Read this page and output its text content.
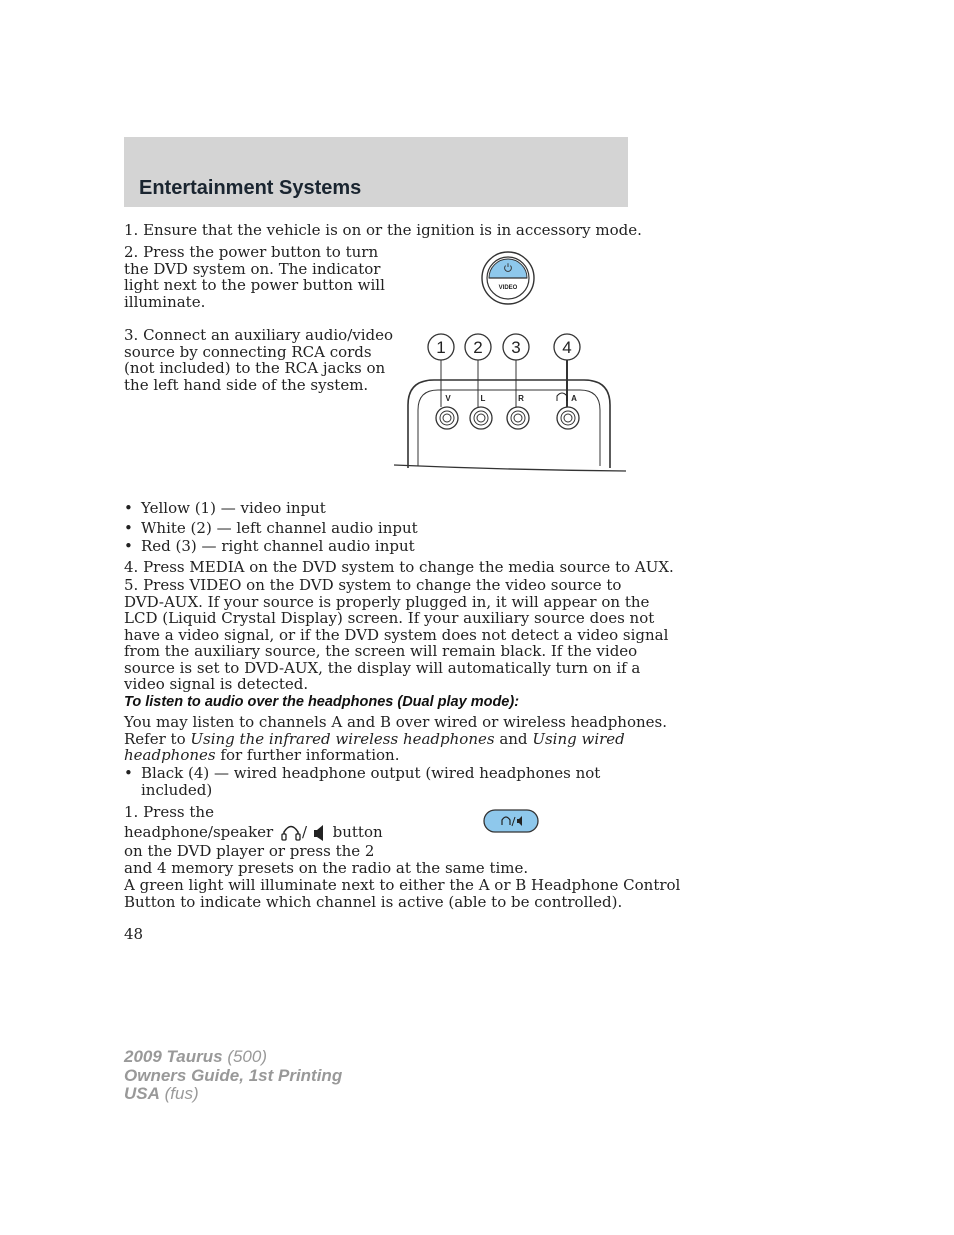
Entertainment Systems

1. Ensure that the vehicle is on or the ignition is in accessory mode.

2. Press the power button to turn

the DVD system on. The indicator

light next to the power button will

illuminate.

VIDEO

3. Connect an auxiliary audio/video

source by connecting RCA cords

(not included) to the RCA jacks on

the left hand side of the system.

1 2 3 4
V	L	R	A
• Yellow (1) — video input
• White (2) — left channel audio input
• Red (3) — right channel audio input

4. Press MEDIA on the DVD system to change the media source to AUX.

5. Press VIDEO on the DVD system to change the video source to

DVD-AUX. If your source is properly plugged in, it will appear on the

LCD (Liquid Crystal Display) screen. If your auxiliary source does not

have a video signal, or if the DVD system does not detect a video signal

from the auxiliary source, the screen will remain black. If the video

source is set to DVD-AUX, the display will automatically turn on if a

video signal is detected.

To listen to audio over the headphones (Dual play mode):

You may listen to channels A and B over wired or wireless headphones.

Refer to Using the infrared wireless headphones and Using wired

headphones for further information.

• Black (4) — wired headphone output (wired headphones not
included)

1. Press the

headphone/speaker / button

on the DVD player or press the 2

and 4 memory presets on the radio at the same time.

A green light will illuminate next to either the A or B Headphone Control

Button to indicate which channel is active (able to be controlled).

48

2009 Taurus (500)
Owners Guide, 1st Printing
USA (fus)
